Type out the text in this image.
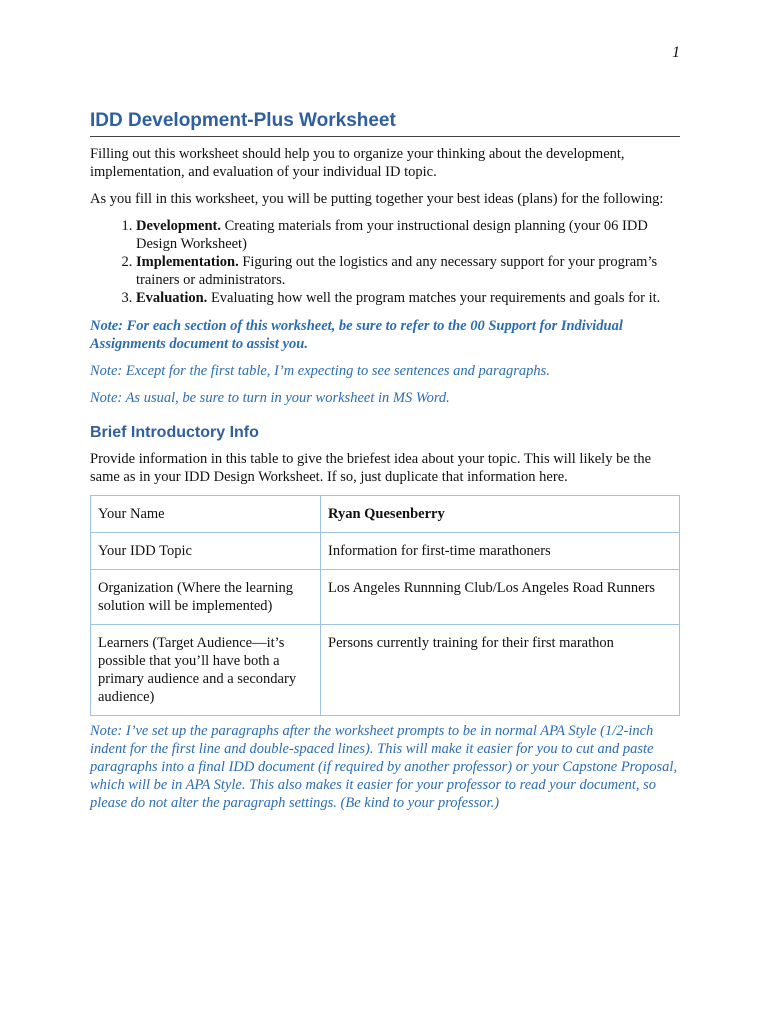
1
IDD Development-Plus Worksheet

Filling out this worksheet should help you to organize your thinking about the development, implementation, and evaluation of your individual ID topic.

As you fill in this worksheet, you will be putting together your best ideas (plans) for the following:

1. Development. Creating materials from your instructional design planning (your 06 IDD Design Worksheet)
2. Implementation. Figuring out the logistics and any necessary support for your program’s trainers or administrators.
3. Evaluation. Evaluating how well the program matches your requirements and goals for it.

Note: For each section of this worksheet, be sure to refer to the 00 Support for Individual Assignments document to assist you.

Note: Except for the first table, I’m expecting to see sentences and paragraphs.

Note: As usual, be sure to turn in your worksheet in MS Word.

Brief Introductory Info

Provide information in this table to give the briefest idea about your topic. This will likely be the same as in your IDD Design Worksheet. If so, just duplicate that information here.

Your Name	Ryan Quesenberry
Your IDD Topic	Information for first-time marathoners
Organization (Where the learning solution will be implemented)	Los Angeles Runnning Club/Los Angeles Road Runners
Learners (Target Audience—it’s possible that you’ll have both a primary audience and a secondary audience)	Persons currently training for their first marathon

Note: I’ve set up the paragraphs after the worksheet prompts to be in normal APA Style (1/2-inch indent for the first line and double-spaced lines). This will make it easier for you to cut and paste paragraphs into a final IDD document (if required by another professor) or your Capstone Proposal, which will be in APA Style. This also makes it easier for your professor to read your document, so please do not alter the paragraph settings. (Be kind to your professor.)
